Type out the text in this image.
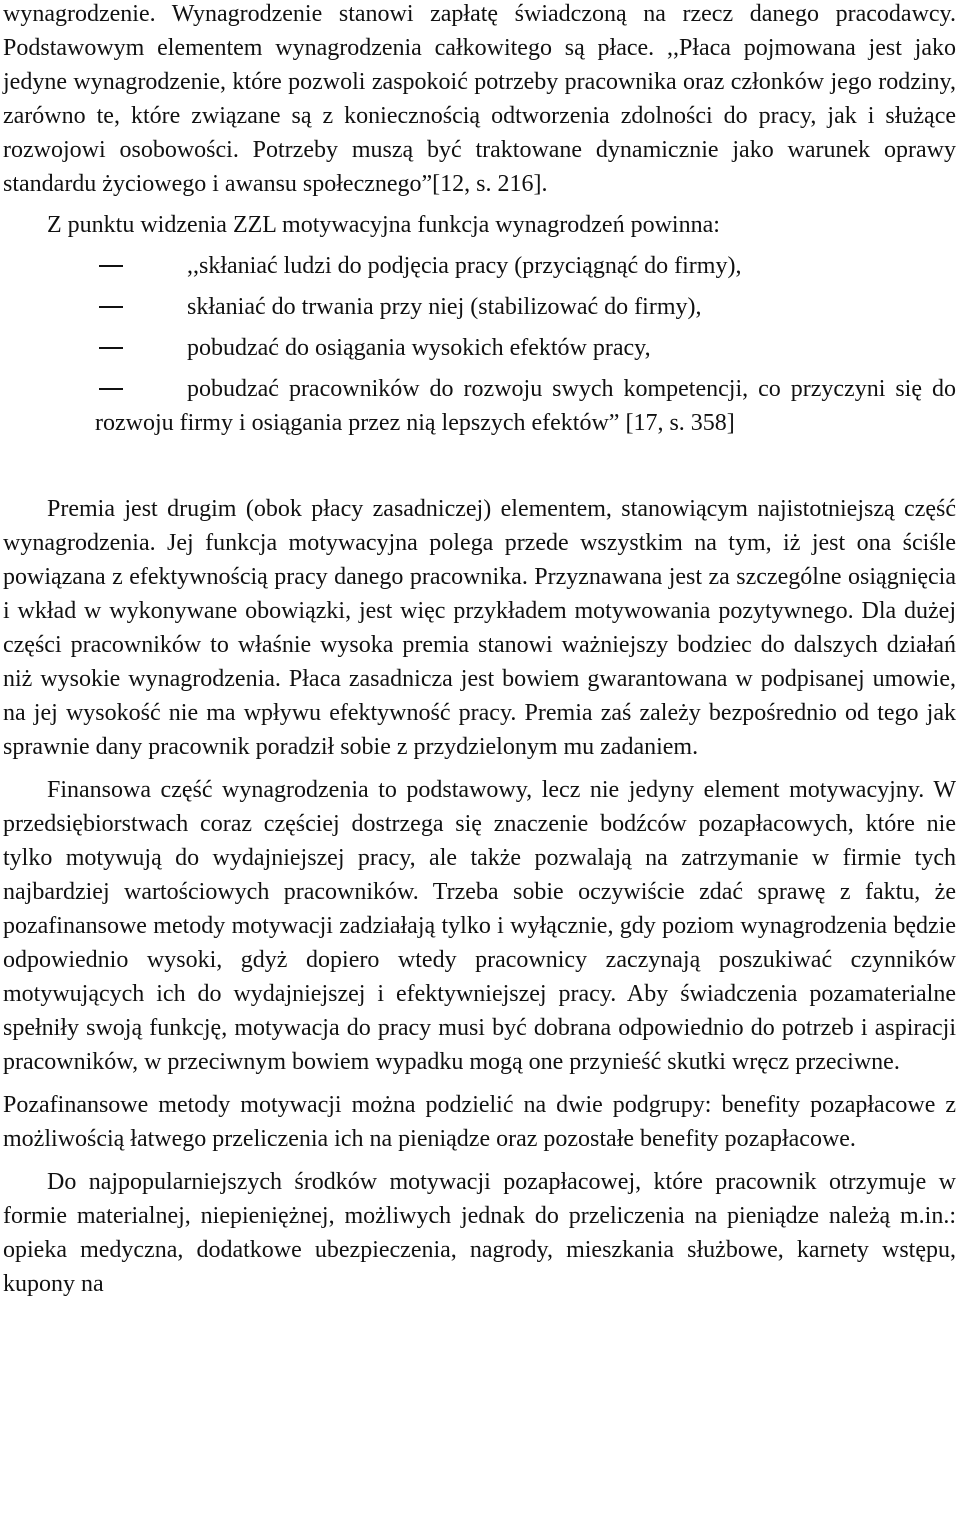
wynagrodzenie. Wynagrodzenie stanowi zapłatę świadczoną na rzecz danego pracodawcy. Podstawowym elementem wynagrodzenia całkowitego są płace. ,,Płaca pojmowana jest jako jedyne wynagrodzenie, które pozwoli zaspokoić potrzeby pracownika oraz członków jego rodziny, zarówno te, które związane są z koniecznością odtworzenia zdolności do pracy, jak i służące rozwojowi osobowości. Potrzeby muszą być traktowane dynamicznie jako warunek oprawy standardu życiowego i awansu społecznego”[12, s. 216].

Z punktu widzenia ZZL motywacyjna funkcja wynagrodzeń powinna:

,,skłaniać ludzi do podjęcia pracy (przyciągnąć do firmy),
skłaniać do trwania przy niej (stabilizować do firmy),
pobudzać do osiągania wysokich efektów pracy,
pobudzać pracowników do rozwoju swych kompetencji, co przyczyni się do rozwoju firmy i osiągania przez nią lepszych efektów” [17, s. 358]

Premia jest drugim (obok płacy zasadniczej) elementem, stanowiącym najistotniejszą część wynagrodzenia. Jej funkcja motywacyjna polega przede wszystkim na tym, iż jest ona ściśle powiązana z efektywnością pracy danego pracownika. Przyznawana jest za szczególne osiągnięcia i wkład w wykonywane obowiązki, jest więc przykładem motywowania pozytywnego. Dla dużej części pracowników to właśnie wysoka premia stanowi ważniejszy bodziec do dalszych działań niż wysokie wynagrodzenia. Płaca zasadnicza jest bowiem gwarantowana w podpisanej umowie, na jej wysokość nie ma wpływu efektywność pracy. Premia zaś zależy bezpośrednio od tego jak sprawnie dany pracownik poradził sobie z przydzielonym mu zadaniem.

Finansowa część wynagrodzenia to podstawowy, lecz nie jedyny element motywacyjny. W przedsiębiorstwach coraz częściej dostrzega się znaczenie bodźców pozapłacowych, które nie tylko motywują do wydajniejszej pracy, ale także pozwalają na zatrzymanie w firmie tych najbardziej wartościowych pracowników. Trzeba sobie oczywiście zdać sprawę z faktu, że pozafinansowe metody motywacji zadziałają tylko i wyłącznie, gdy poziom wynagrodzenia będzie odpowiednio wysoki, gdyż dopiero wtedy pracownicy zaczynają poszukiwać czynników motywujących ich do wydajniejszej i efektywniejszej pracy. Aby świadczenia pozamaterialne spełniły swoją funkcję, motywacja do pracy musi być dobrana odpowiednio do potrzeb i aspiracji pracowników, w przeciwnym bowiem wypadku mogą one przynieść skutki wręcz przeciwne.

Pozafinansowe metody motywacji można podzielić na dwie podgrupy: benefity pozapłacowe z możliwością łatwego przeliczenia ich na pieniądze oraz pozostałe benefity pozapłacowe.

Do najpopularniejszych środków motywacji pozapłacowej, które pracownik otrzymuje w formie materialnej, niepieniężnej, możliwych jednak do przeliczenia na pieniądze należą m.in.: opieka medyczna, dodatkowe ubezpieczenia, nagrody, mieszkania służbowe, karnety wstępu, kupony na
